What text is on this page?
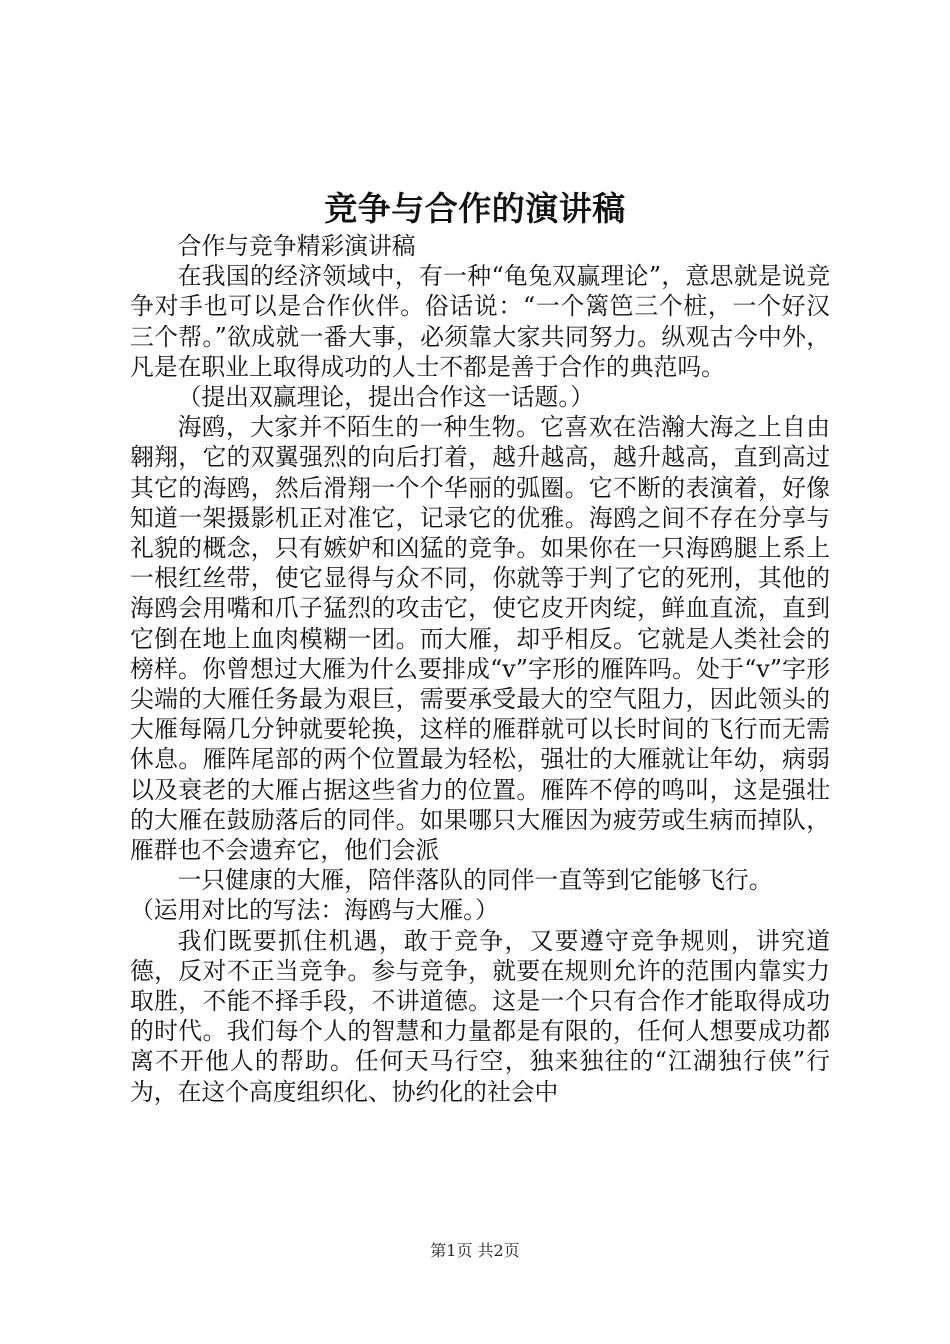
竞争与合作的演讲稿

合作与竞争精彩演讲稿

在我国的经济领域中，有一种“龟兔双赢理论”，意思就是说竞争对手也可以是合作伙伴。俗话说：“一个篱笆三个桩，一个好汉三个帮。”欲成就一番大事，必须靠大家共同努力。纵观古今中外，凡是在职业上取得成功的人士不都是善于合作的典范吗。

（提出双赢理论，提出合作这一话题。）

海鸥，大家并不陌生的一种生物。它喜欢在浩瀚大海之上自由翱翔，它的双翼强烈的向后打着，越升越高，越升越高，直到高过其它的海鸥，然后滑翔一个个华丽的弧圈。它不断的表演着，好像知道一架摄影机正对准它，记录它的优雅。海鸥之间不存在分享与礼貌的概念，只有嫉妒和凶猛的竞争。如果你在一只海鸥腿上系上一根红丝带，使它显得与众不同，你就等于判了它的死刑，其他的海鸥会用嘴和爪子猛烈的攻击它，使它皮开肉绽，鲜血直流，直到它倒在地上血肉模糊一团。而大雁，却乎相反。它就是人类社会的榜样。你曾想过大雁为什么要排成“v”字形的雁阵吗。处于“v”字形尖端的大雁任务最为艰巨，需要承受最大的空气阻力，因此领头的大雁每隔几分钟就要轮换，这样的雁群就可以长时间的飞行而无需休息。雁阵尾部的两个位置最为轻松，强壮的大雁就让年幼，病弱以及衰老的大雁占据这些省力的位置。雁阵不停的鸣叫，这是强壮的大雁在鼓励落后的同伴。如果哪只大雁因为疲劳或生病而掉队，雁群也不会遗弃它，他们会派

一只健康的大雁，陪伴落队的同伴一直等到它能够飞行。

（运用对比的写法：海鸥与大雁。）

我们既要抓住机遇，敢于竞争，又要遵守竞争规则，讲究道德，反对不正当竞争。参与竞争，就要在规则允许的范围内靠实力取胜，不能不择手段，不讲道德。这是一个只有合作才能取得成功的时代。我们每个人的智慧和力量都是有限的，任何人想要成功都离不开他人的帮助。任何天马行空，独来独往的“江湖独行侠”行为，在这个高度组织化、协约化的社会中

第1页 共2页
